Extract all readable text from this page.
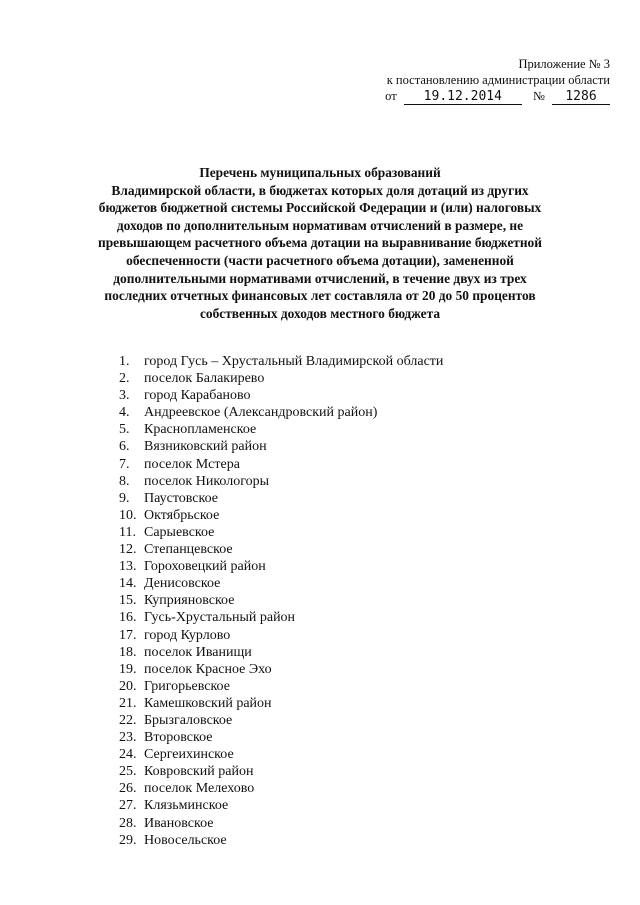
Приложение № 3
к постановлению администрации области
от 19.12.2014 № 1286
Перечень муниципальных образований
Владимирской области, в бюджетах которых доля дотаций из других
бюджетов бюджетной системы Российской Федерации и (или) налоговых
доходов по дополнительным нормативам отчислений в размере, не
превышающем расчетного объема дотации на выравнивание бюджетной
обеспеченности (части расчетного объема дотации), замененной
дополнительными нормативами отчислений, в течение двух из трех
последних отчетных финансовых лет составляла от 20 до 50 процентов
собственных доходов местного бюджета
1. город Гусь – Хрустальный Владимирской области
2. поселок Балакирево
3. город Карабаново
4. Андреевское (Александровский район)
5. Краснопламенское
6. Вязниковский район
7. поселок Мстера
8. поселок Никологоры
9. Паустовское
10. Октябрьское
11. Сарыевское
12. Степанцевское
13. Гороховецкий район
14. Денисовское
15. Куприяновское
16. Гусь-Хрустальный район
17. город Курлово
18. поселок Иванищи
19. поселок Красное Эхо
20. Григорьевское
21. Камешковский район
22. Брызгаловское
23. Второвское
24. Сергеихинское
25. Ковровский район
26. поселок Мелехово
27. Клязьминское
28. Ивановское
29. Новосельское
